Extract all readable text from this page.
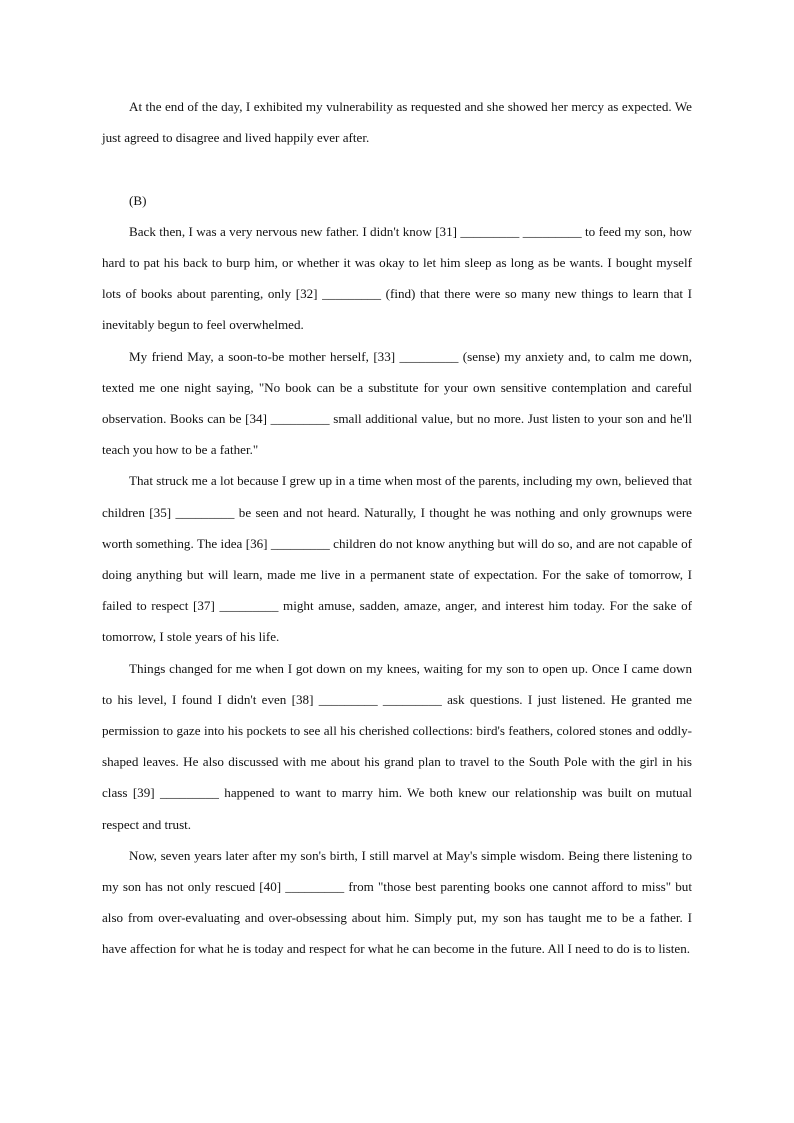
At the end of the day, I exhibited my vulnerability as requested and she showed her mercy as expected. We just agreed to disagree and lived happily ever after.

(B)

Back then, I was a very nervous new father. I didn't know [31] _________ _________ to feed my son, how hard to pat his back to burp him, or whether it was okay to let him sleep as long as be wants. I bought myself lots of books about parenting, only [32] _________ (find) that there were so many new things to learn that I inevitably begun to feel overwhelmed.

My friend May, a soon-to-be mother herself, [33] _________ (sense) my anxiety and, to calm me down, texted me one night saying, "No book can be a substitute for your own sensitive contemplation and careful observation. Books can be [34] _________ small additional value, but no more. Just listen to your son and he'll teach you how to be a father."

That struck me a lot because I grew up in a time when most of the parents, including my own, believed that children [35] _________ be seen and not heard. Naturally, I thought he was nothing and only grownups were worth something. The idea [36] _________ children do not know anything but will do so, and are not capable of doing anything but will learn, made me live in a permanent state of expectation. For the sake of tomorrow, I failed to respect [37] _________ might amuse, sadden, amaze, anger, and interest him today. For the sake of tomorrow, I stole years of his life.

Things changed for me when I got down on my knees, waiting for my son to open up. Once I came down to his level, I found I didn't even [38] _________ _________ ask questions. I just listened. He granted me permission to gaze into his pockets to see all his cherished collections: bird's feathers, colored stones and oddly-shaped leaves. He also discussed with me about his grand plan to travel to the South Pole with the girl in his class [39] _________ happened to want to marry him. We both knew our relationship was built on mutual respect and trust.

Now, seven years later after my son's birth, I still marvel at May's simple wisdom. Being there listening to my son has not only rescued [40] _________ from "those best parenting books one cannot afford to miss" but also from over-evaluating and over-obsessing about him. Simply put, my son has taught me to be a father. I have affection for what he is today and respect for what he can become in the future. All I need to do is to listen.
